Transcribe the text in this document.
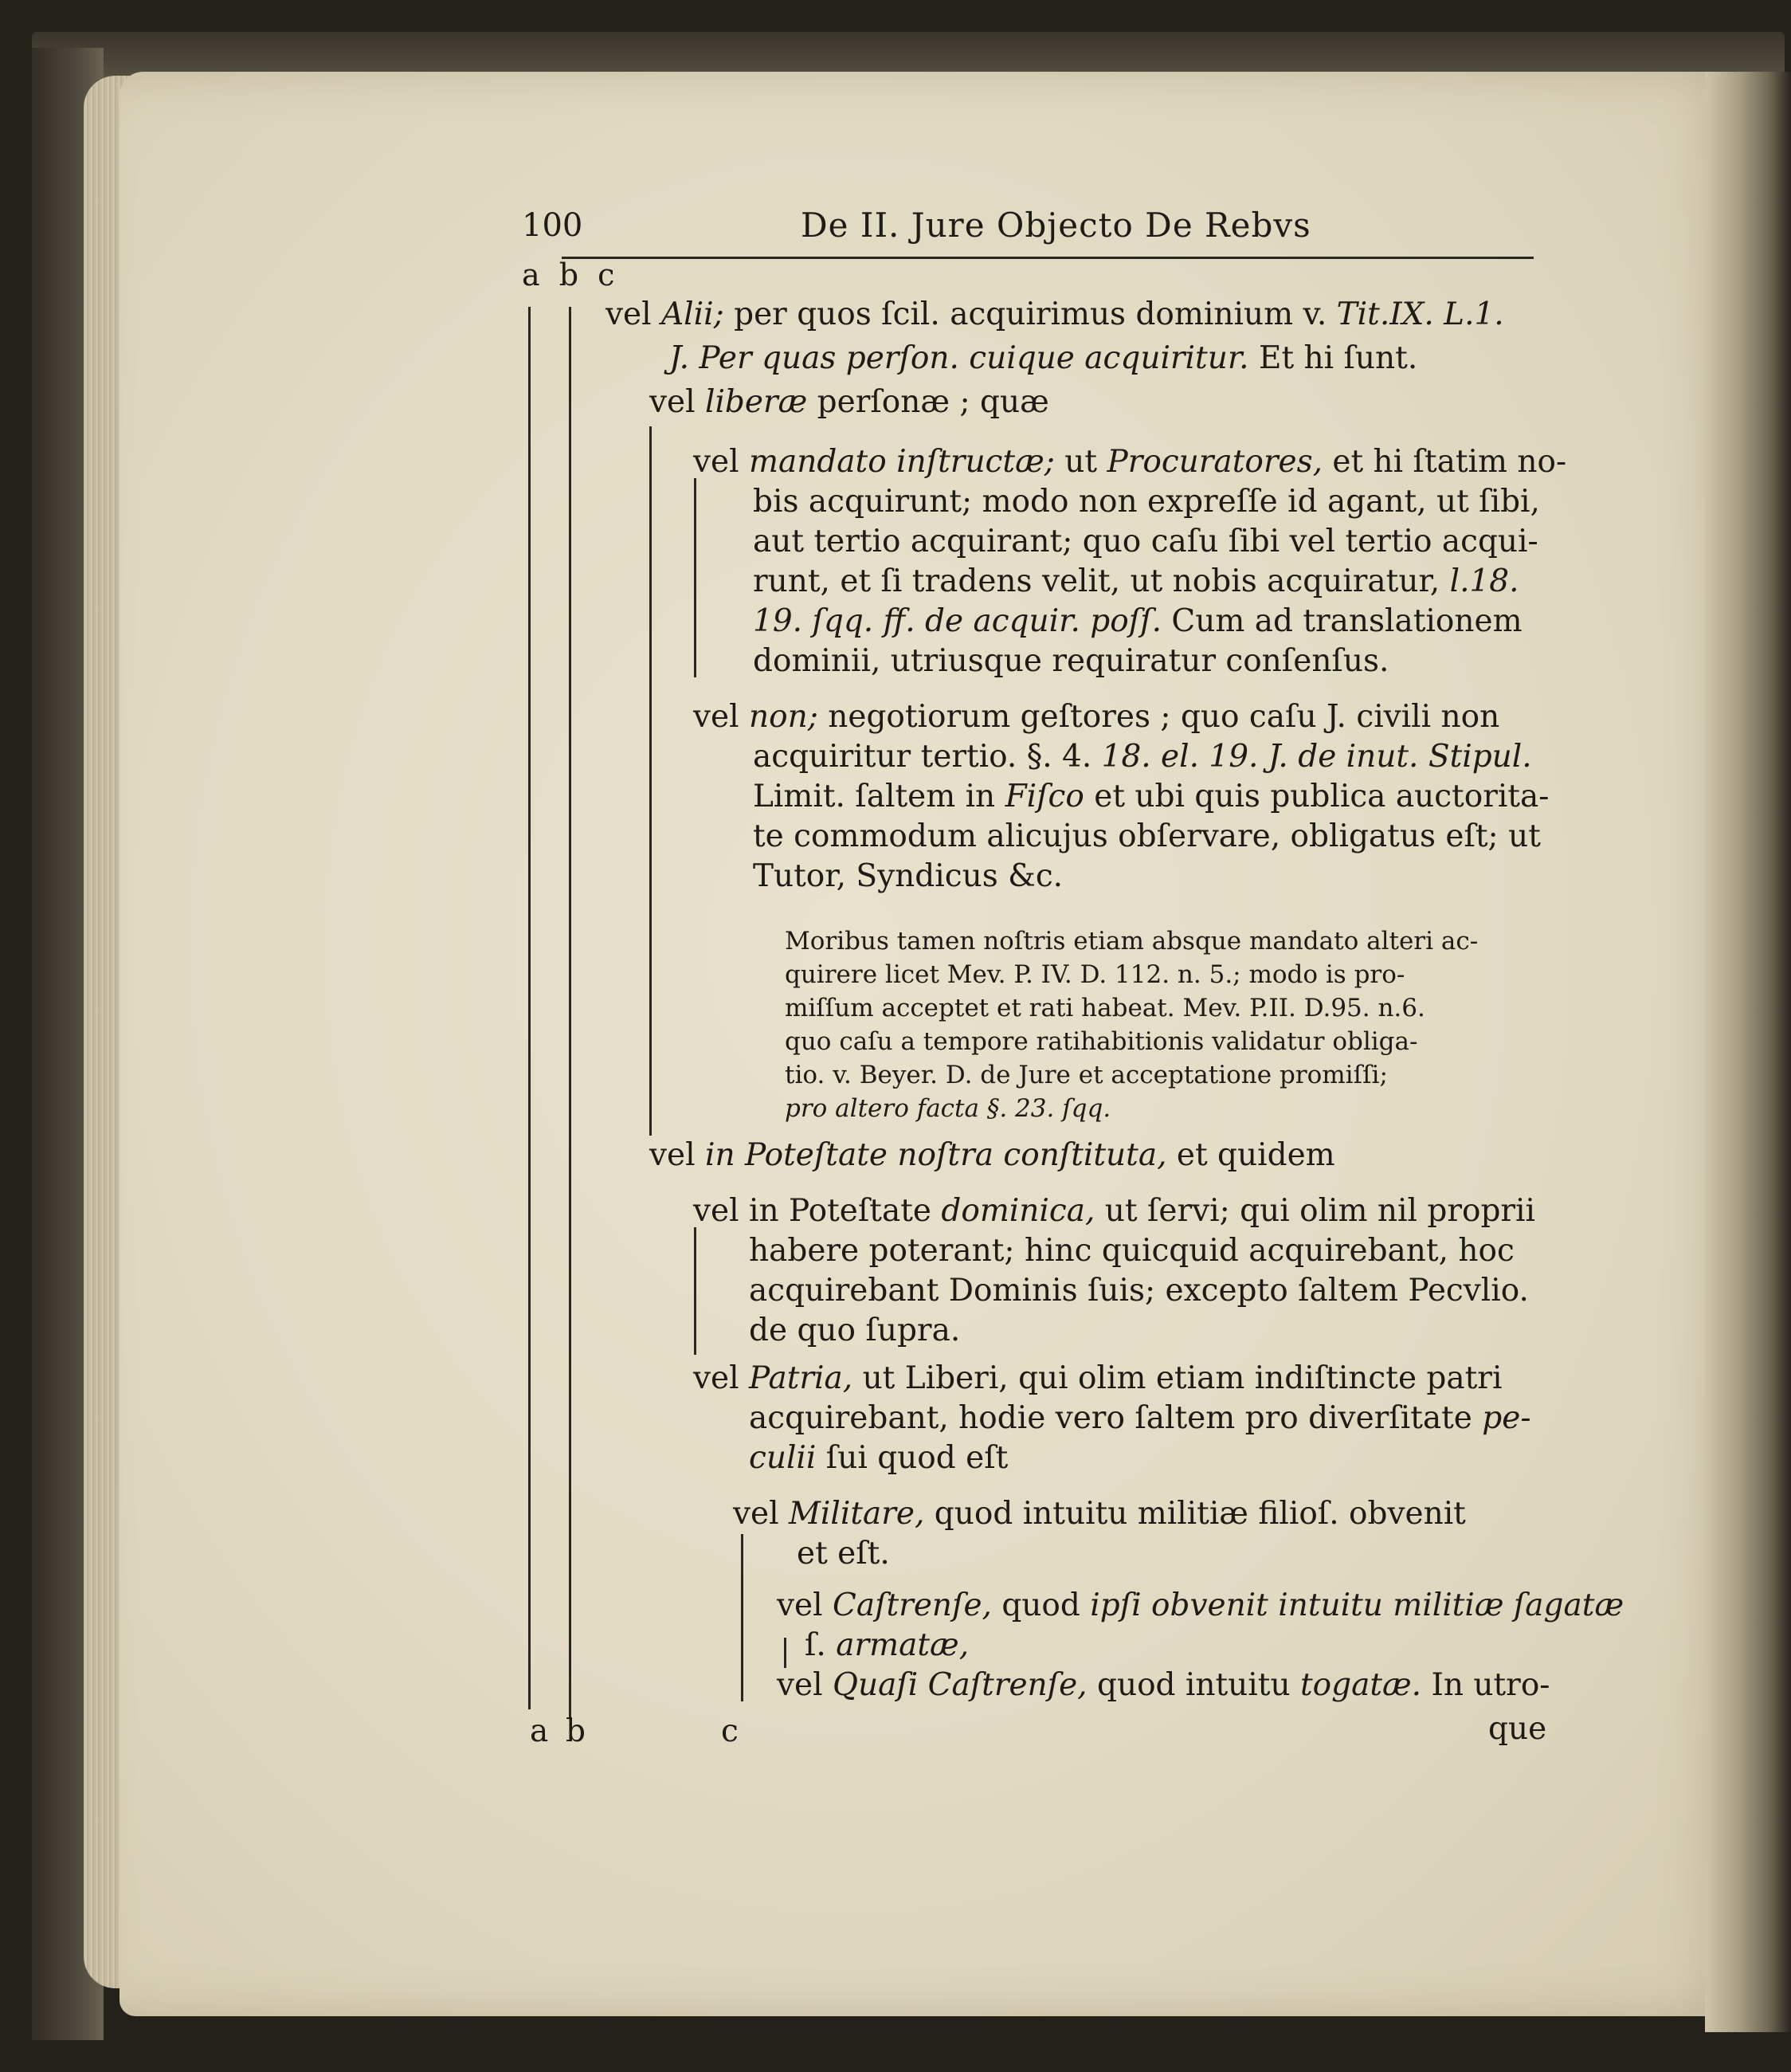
100	De II. Jure Objecto De Rebvs
a b c
vel Alii; per quos ſcil. acquirimus dominium v. Tit.IX. L.1.
J. Per quas perſon. cuique acquiritur. Et hi ſunt.
vel liberæ perſonæ ; quæ
vel mandato inſtructæ; ut Procuratores, et hi ſtatim no-
bis acquirunt; modo non expreſſe id agant, ut ſibi,
aut tertio acquirant; quo caſu ſibi vel tertio acqui-
runt, et ſi tradens velit, ut nobis acquiratur, l.18.
19. ſqq. ff. de acquir. poſſ. Cum ad translationem
dominii, utriusque requiratur conſenſus.
vel non; negotiorum geſtores ; quo caſu J. civili non
acquiritur tertio. §. 4. 18. el. 19. J. de inut. Stipul.
Limit. ſaltem in Fiſco et ubi quis publica auctorita-
te commodum alicujus obſervare, obligatus eſt; ut
Tutor, Syndicus &c.
Moribus tamen noſtris etiam absque mandato alteri ac-
quirere licet Mev. P. IV. D. 112. n. 5.; modo is pro-
miſſum acceptet et rati habeat. Mev. P.II. D.95. n.6.
quo caſu a tempore ratihabitionis validatur obliga-
tio. v. Beyer. D. de Jure et acceptatione promiſſi;
pro altero facta §. 23. ſqq.
vel in Poteſtate noſtra conſtituta, et quidem
vel in Poteſtate dominica, ut ſervi; qui olim nil proprii
habere poterant; hinc quicquid acquirebant, hoc
acquirebant Dominis ſuis; excepto ſaltem Pecvlio.
de quo ſupra.
vel Patria, ut Liberi, qui olim etiam indiſtincte patri
acquirebant, hodie vero ſaltem pro diverſitate pe-
culii ſui quod eſt
vel Militare, quod intuitu militiæ filioſ. obvenit
et eſt.
vel Caſtrenſe, quod ipſi obvenit intuitu militiæ ſagatæ
ſ. armatæ,
vel Quaſi Caſtrenſe, quod intuitu togatæ. In utro-
a b	c	que
